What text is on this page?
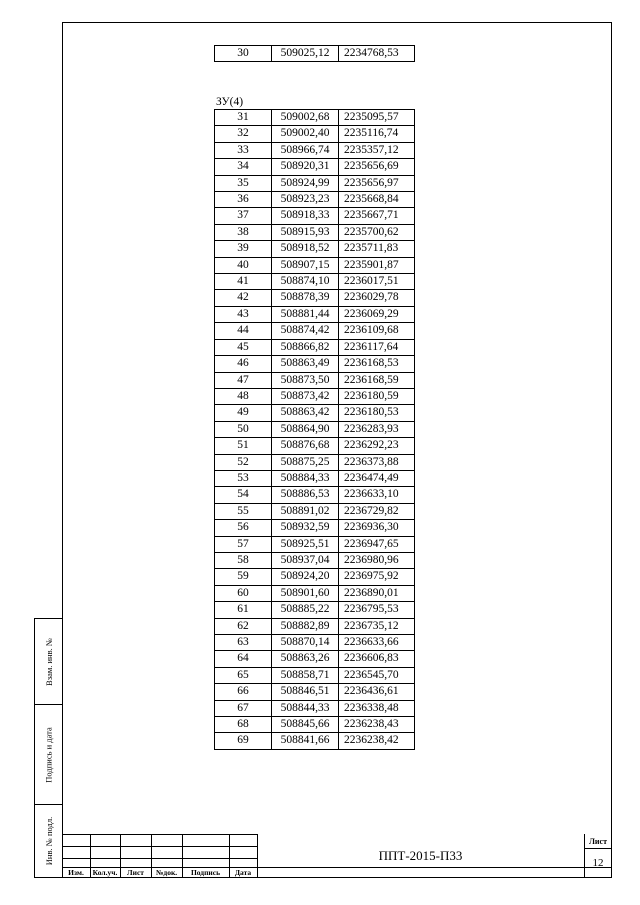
Взам. инв. №
Подпись и дата
Инв. № подл.
30	509025,12	2234768,53
ЗУ(4)
31	509002,68	2235095,57
32	509002,40	2235116,74
33	508966,74	2235357,12
34	508920,31	2235656,69
35	508924,99	2235656,97
36	508923,23	2235668,84
37	508918,33	2235667,71
38	508915,93	2235700,62
39	508918,52	2235711,83
40	508907,15	2235901,87
41	508874,10	2236017,51
42	508878,39	2236029,78
43	508881,44	2236069,29
44	508874,42	2236109,68
45	508866,82	2236117,64
46	508863,49	2236168,53
47	508873,50	2236168,59
48	508873,42	2236180,59
49	508863,42	2236180,53
50	508864,90	2236283,93
51	508876,68	2236292,23
52	508875,25	2236373,88
53	508884,33	2236474,49
54	508886,53	2236633,10
55	508891,02	2236729,82
56	508932,59	2236936,30
57	508925,51	2236947,65
58	508937,04	2236980,96
59	508924,20	2236975,92
60	508901,60	2236890,01
61	508885,22	2236795,53
62	508882,89	2236735,12
63	508870,14	2236633,66
64	508863,26	2236606,83
65	508858,71	2236545,70
66	508846,51	2236436,61
67	508844,33	2236338,48
68	508845,66	2236238,43
69	508841,66	2236238,42
Изм.	Кол.уч.	Лист	№док.	Подпись	Дата
ППТ-2015-П33
Лист
12
